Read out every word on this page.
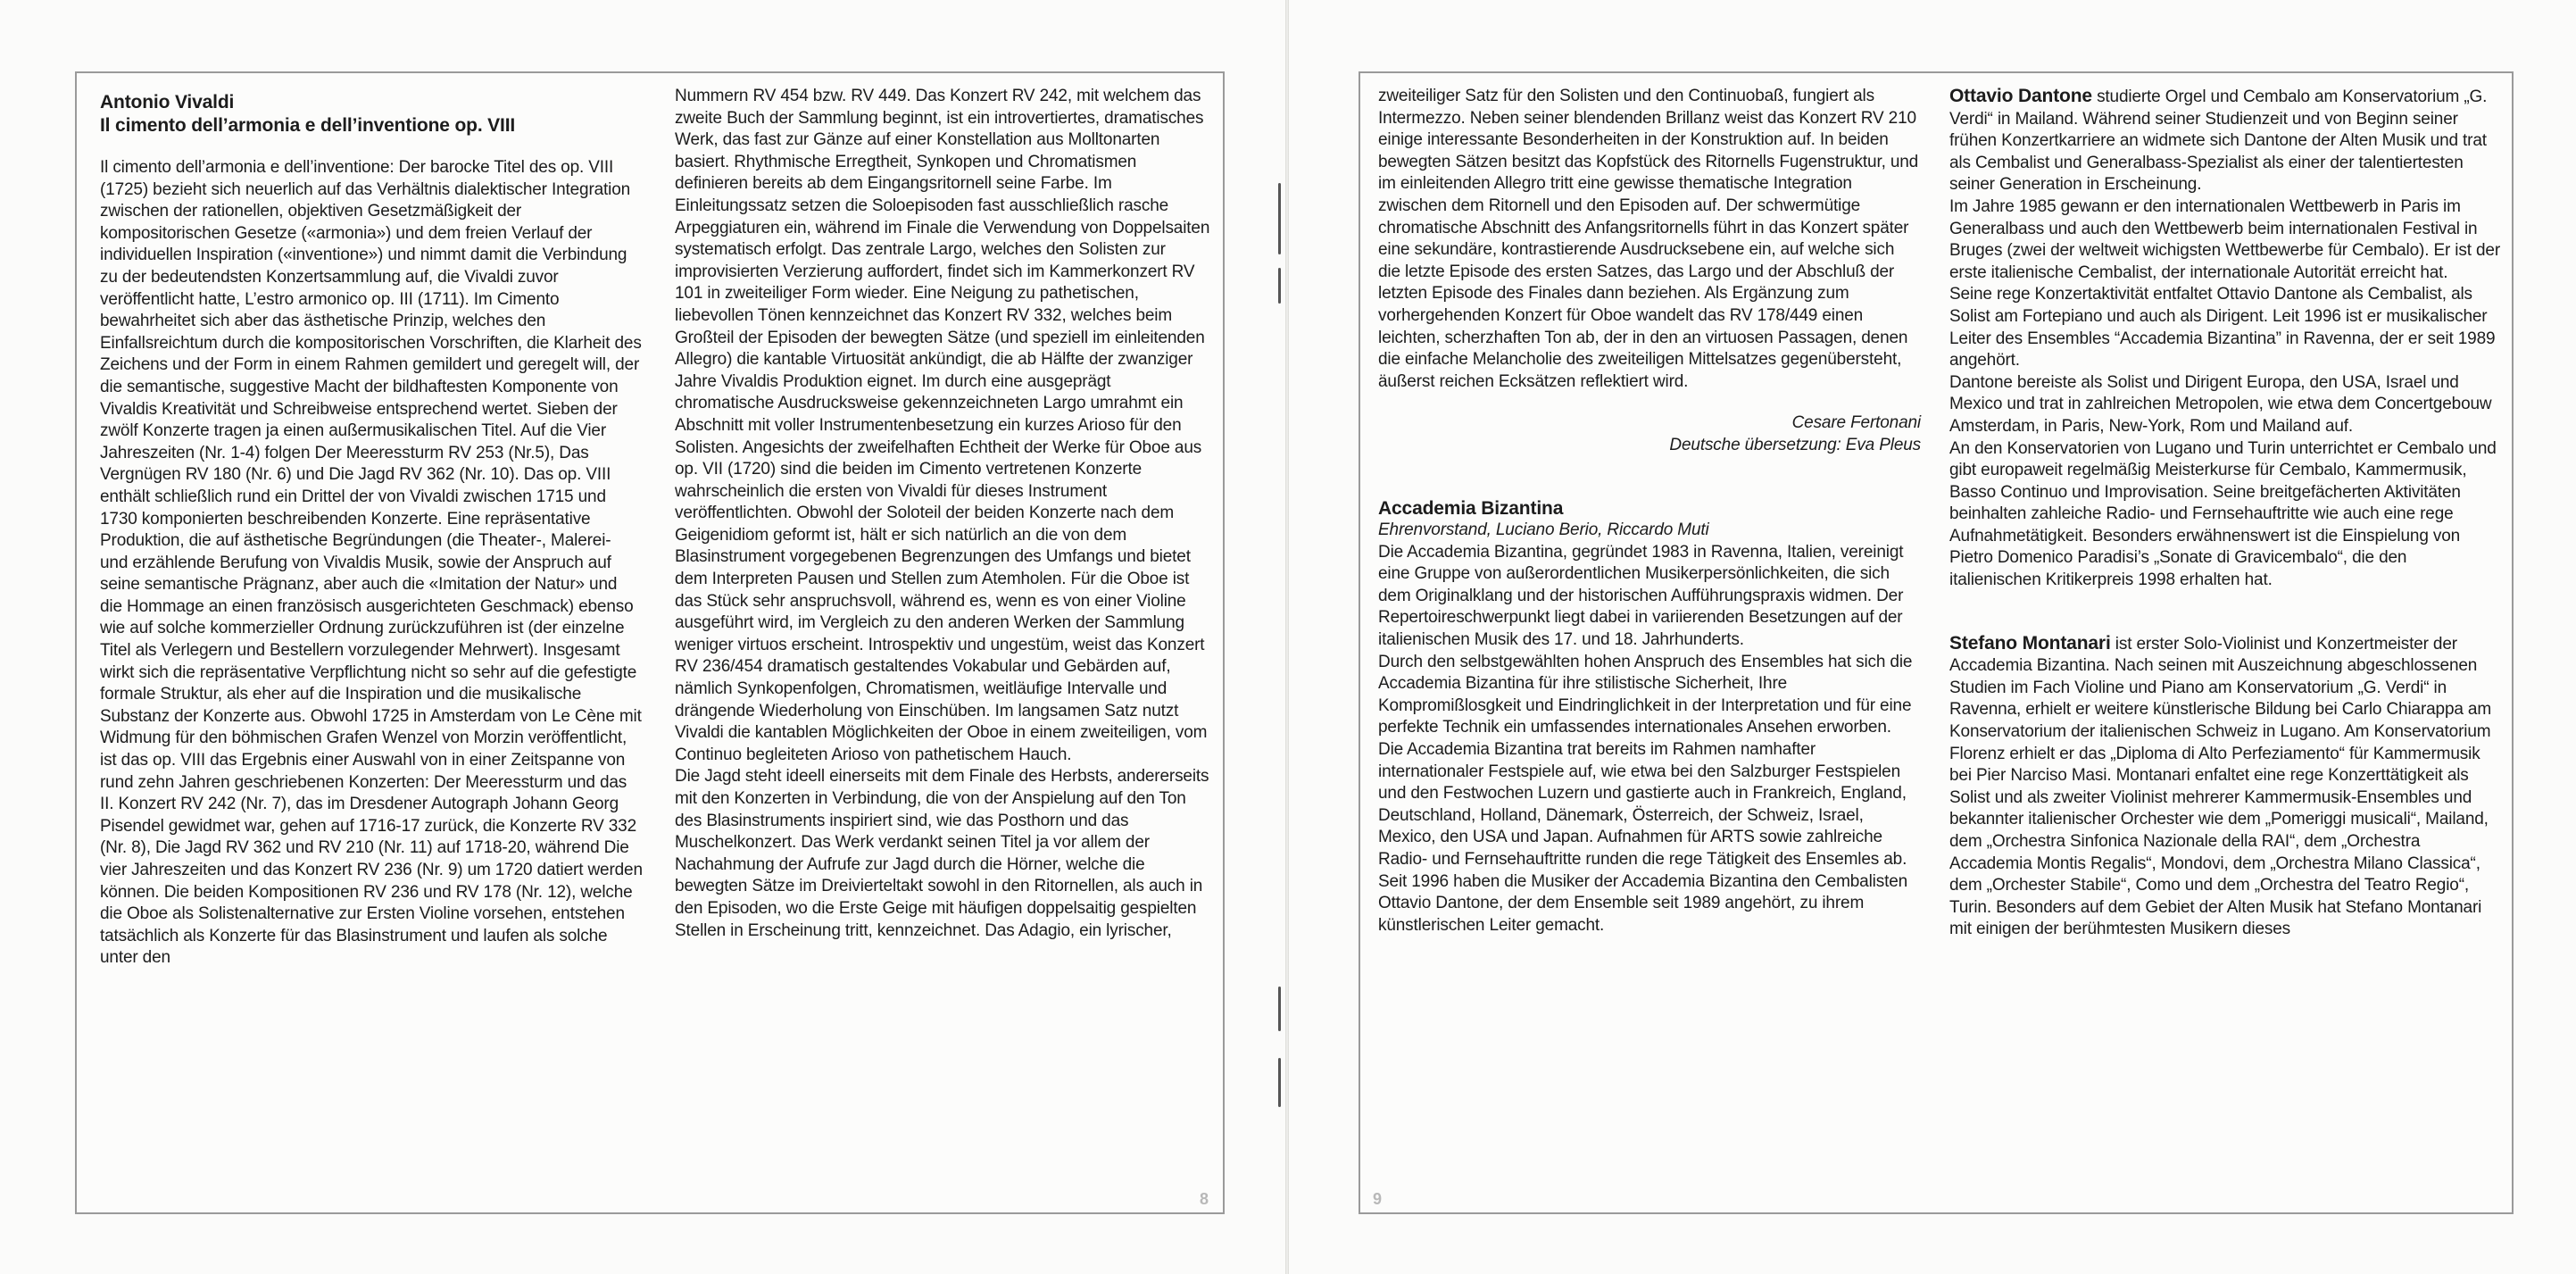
Antonio Vivaldi

Il cimento dell’armonia e dell’inventione op. VIII

Il cimento dell’armonia e dell’inventione: Der barocke Titel des op. VIII (1725) bezieht sich neuerlich auf das Verhältnis dialektischer Integration zwischen der rationellen, objektiven Gesetzmäßigkeit der kompositorischen Gesetze («armonia») und dem freien Verlauf der individuellen Inspiration («inventione») und nimmt damit die Verbindung zu der bedeutendsten Konzertsammlung auf, die Vivaldi zuvor veröffentlicht hatte, L’estro armonico op. III (1711). Im Cimento bewahrheitet sich aber das ästhetische Prinzip, welches den Einfallsreichtum durch die kompositorischen Vorschriften, die Klarheit des Zeichens und der Form in einem Rahmen gemildert und geregelt will, der die semantische, suggestive Macht der bildhaftesten Komponente von Vivaldis Kreativität und Schreibweise entsprechend wertet. Sieben der zwölf Konzerte tragen ja einen außermusikalischen Titel. Auf die Vier Jahreszeiten (Nr. 1-4) folgen Der Meeressturm RV 253 (Nr.5), Das Vergnügen RV 180 (Nr. 6) und Die Jagd RV 362 (Nr. 10). Das op. VIII enthält schließlich rund ein Drittel der von Vivaldi zwischen 1715 und 1730 komponierten beschreibenden Konzerte. Eine repräsentative Produktion, die auf ästhetische Begründungen (die Theater-, Malerei- und erzählende Berufung von Vivaldis Musik, sowie der Anspruch auf seine semantische Prägnanz, aber auch die «Imitation der Natur» und die Hommage an einen französisch ausgerichteten Geschmack) ebenso wie auf solche kommerzieller Ordnung zurückzuführen ist (der einzelne Titel als Verlegern und Bestellern vorzulegender Mehrwert). Insgesamt wirkt sich die repräsentative Verpflichtung nicht so sehr auf die gefestigte formale Struktur, als eher auf die Inspiration und die musikalische Substanz der Konzerte aus. Obwohl 1725 in Amsterdam von Le Cène mit Widmung für den böhmischen Grafen Wenzel von Morzin veröffentlicht, ist das op. VIII das Ergebnis einer Auswahl von in einer Zeitspanne von rund zehn Jahren geschriebenen Konzerten: Der Meeressturm und das II. Konzert RV 242 (Nr. 7), das im Dresdener Autograph Johann Georg Pisendel gewidmet war, gehen auf 1716-17 zurück, die Konzerte RV 332 (Nr. 8), Die Jagd RV 362 und RV 210 (Nr. 11) auf 1718-20, während Die vier Jahreszeiten und das Konzert RV 236 (Nr. 9) um 1720 datiert werden können. Die beiden Kompositionen RV 236 und RV 178 (Nr. 12), welche die Oboe als Solistenalternative zur Ersten Violine vorsehen, entstehen tatsächlich als Konzerte für das Blasinstrument und laufen als solche unter den

Nummern RV 454 bzw. RV 449. Das Konzert RV 242, mit welchem das zweite Buch der Sammlung beginnt, ist ein introvertiertes, dramatisches Werk, das fast zur Gänze auf einer Konstellation aus Molltonarten basiert. Rhythmische Erregtheit, Synkopen und Chromatismen definieren bereits ab dem Eingangsritornell seine Farbe. Im Einleitungssatz setzen die Soloepisoden fast ausschließlich rasche Arpeggiaturen ein, während im Finale die Verwendung von Doppelsaiten systematisch erfolgt. Das zentrale Largo, welches den Solisten zur improvisierten Verzierung auffordert, findet sich im Kammerkonzert RV 101 in zweiteiliger Form wieder. Eine Neigung zu pathetischen, liebevollen Tönen kennzeichnet das Konzert RV 332, welches beim Großteil der Episoden der bewegten Sätze (und speziell im einleitenden Allegro) die kantable Virtuosität ankündigt, die ab Hälfte der zwanziger Jahre Vivaldis Produktion eignet. Im durch eine ausgeprägt chromatische Ausdrucksweise gekennzeichneten Largo umrahmt ein Abschnitt mit voller Instrumentenbesetzung ein kurzes Arioso für den Solisten. Angesichts der zweifelhaften Echtheit der Werke für Oboe aus op. VII (1720) sind die beiden im Cimento vertretenen Konzerte wahrscheinlich die ersten von Vivaldi für dieses Instrument veröffentlichten. Obwohl der Soloteil der beiden Konzerte nach dem Geigenidiom geformt ist, hält er sich natürlich an die von dem Blasinstrument vorgegebenen Begrenzungen des Umfangs und bietet dem Interpreten Pausen und Stellen zum Atemholen. Für die Oboe ist das Stück sehr anspruchsvoll, während es, wenn es von einer Violine ausgeführt wird, im Vergleich zu den anderen Werken der Sammlung weniger virtuos erscheint. Introspektiv und ungestüm, weist das Konzert RV 236/454 dramatisch gestaltendes Vokabular und Gebärden auf, nämlich Synkopenfolgen, Chromatismen, weitläufige Intervalle und drängende Wiederholung von Einschüben. Im langsamen Satz nutzt Vivaldi die kantablen Möglichkeiten der Oboe in einem zweiteiligen, vom Continuo begleiteten Arioso von pathetischem Hauch.

Die Jagd steht ideell einerseits mit dem Finale des Herbsts, andererseits mit den Konzerten in Verbindung, die von der Anspielung auf den Ton des Blasinstruments inspiriert sind, wie das Posthorn und das Muschelkonzert. Das Werk verdankt seinen Titel ja vor allem der Nachahmung der Aufrufe zur Jagd durch die Hörner, welche die bewegten Sätze im Dreivierteltakt sowohl in den Ritornellen, als auch in den Episoden, wo die Erste Geige mit häufigen doppelsaitig gespielten Stellen in Erscheinung tritt, kennzeichnet. Das Adagio, ein lyrischer,

8

zweiteiliger Satz für den Solisten und den Continuobaß, fungiert als Intermezzo. Neben seiner blendenden Brillanz weist das Konzert RV 210 einige interessante Besonderheiten in der Konstruktion auf. In beiden bewegten Sätzen besitzt das Kopfstück des Ritornells Fugenstruktur, und im einleitenden Allegro tritt eine gewisse thematische Integration zwischen dem Ritornell und den Episoden auf. Der schwermütige chromatische Abschnitt des Anfangsritornells führt in das Konzert später eine sekundäre, kontrastierende Ausdrucksebene ein, auf welche sich die letzte Episode des ersten Satzes, das Largo und der Abschluß der letzten Episode des Finales dann beziehen. Als Ergänzung zum vorhergehenden Konzert für Oboe wandelt das RV 178/449 einen leichten, scherzhaften Ton ab, der in den an virtuosen Passagen, denen die einfache Melancholie des zweiteiligen Mittelsatzes gegenübersteht, äußerst reichen Ecksätzen reflektiert wird.

Cesare Fertonani

Deutsche übersetzung: Eva Pleus

Accademia Bizantina

Ehrenvorstand, Luciano Berio, Riccardo Muti

Die Accademia Bizantina, gegründet 1983 in Ravenna, Italien, vereinigt eine Gruppe von außerordentlichen Musikerpersönlichkeiten, die sich dem Originalklang und der historischen Aufführungspraxis widmen. Der Repertoireschwerpunkt liegt dabei in variierenden Besetzungen auf der italienischen Musik des 17. und 18. Jahrhunderts.

Durch den selbstgewählten hohen Anspruch des Ensembles hat sich die Accademia Bizantina für ihre stilistische Sicherheit, Ihre Kompromißlosgkeit und Eindringlichkeit in der Interpretation und für eine perfekte Technik ein umfassendes internationales Ansehen erworben.

Die Accademia Bizantina trat bereits im Rahmen namhafter internationaler Festspiele auf, wie etwa bei den Salzburger Festspielen und den Festwochen Luzern und gastierte auch in Frankreich, England, Deutschland, Holland, Dänemark, Österreich, der Schweiz, Israel, Mexico, den USA und Japan. Aufnahmen für ARTS sowie zahlreiche Radio- und Fernsehauftritte runden die rege Tätigkeit des Ensemles ab. Seit 1996 haben die Musiker der Accademia Bizantina den Cembalisten Ottavio Dantone, der dem Ensemble seit 1989 angehört, zu ihrem künstlerischen Leiter gemacht.

Ottavio Dantone studierte Orgel und Cembalo am Konservatorium „G. Verdi“ in Mailand. Während seiner Studienzeit und von Beginn seiner frühen Konzertkarriere an widmete sich Dantone der Alten Musik und trat als Cembalist und Generalbass-Spezialist als einer der talentiertesten seiner Generation in Erscheinung.

Im Jahre 1985 gewann er den internationalen Wettbewerb in Paris im Generalbass und auch den Wettbewerb beim internationalen Festival in Bruges (zwei der weltweit wichigsten Wettbewerbe für Cembalo). Er ist der erste italienische Cembalist, der internationale Autorität erreicht hat.

Seine rege Konzertaktivität entfaltet Ottavio Dantone als Cembalist, als Solist am Fortepiano und auch als Dirigent. Leit 1996 ist er musikalischer Leiter des Ensembles “Accademia Bizantina” in Ravenna, der er seit 1989 angehört.

Dantone bereiste als Solist und Dirigent Europa, den USA, Israel und Mexico und trat in zahlreichen Metropolen, wie etwa dem Concertgebouw Amsterdam, in Paris, New-York, Rom und Mailand auf.

An den Konservatorien von Lugano und Turin unterrichtet er Cembalo und gibt europaweit regelmäßig Meisterkurse für Cembalo, Kammermusik, Basso Continuo und Improvisation. Seine breitgefächerten Aktivitäten beinhalten zahleiche Radio- und Fernsehauftritte wie auch eine rege Aufnahmetätigkeit. Besonders erwähnenswert ist die Einspielung von Pietro Domenico Paradisi’s „Sonate di Gravicembalo“, die den italienischen Kritikerpreis 1998 erhalten hat.

Stefano Montanari ist erster Solo-Violinist und Konzertmeister der Accademia Bizantina. Nach seinen mit Auszeichnung abgeschlossenen Studien im Fach Violine und Piano am Konservatorium „G. Verdi“ in Ravenna, erhielt er weitere künstlerische Bildung bei Carlo Chiarappa am Konservatorium der italienischen Schweiz in Lugano. Am Konservatorium Florenz erhielt er das „Diploma di Alto Perfeziamento“ für Kammermusik bei Pier Narciso Masi. Montanari enfaltet eine rege Konzerttätigkeit als Solist und als zweiter Violinist mehrerer Kammermusik-Ensembles und bekannter italienischer Orchester wie dem „Pomeriggi musicali“, Mailand, dem „Orchestra Sinfonica Nazionale della RAI“, dem „Orchestra Accademia Montis Regalis“, Mondovi, dem „Orchestra Milano Classica“, dem „Orchester Stabile“, Como und dem „Orchestra del Teatro Regio“, Turin. Besonders auf dem Gebiet der Alten Musik hat Stefano Montanari mit einigen der berühmtesten Musikern dieses

9
